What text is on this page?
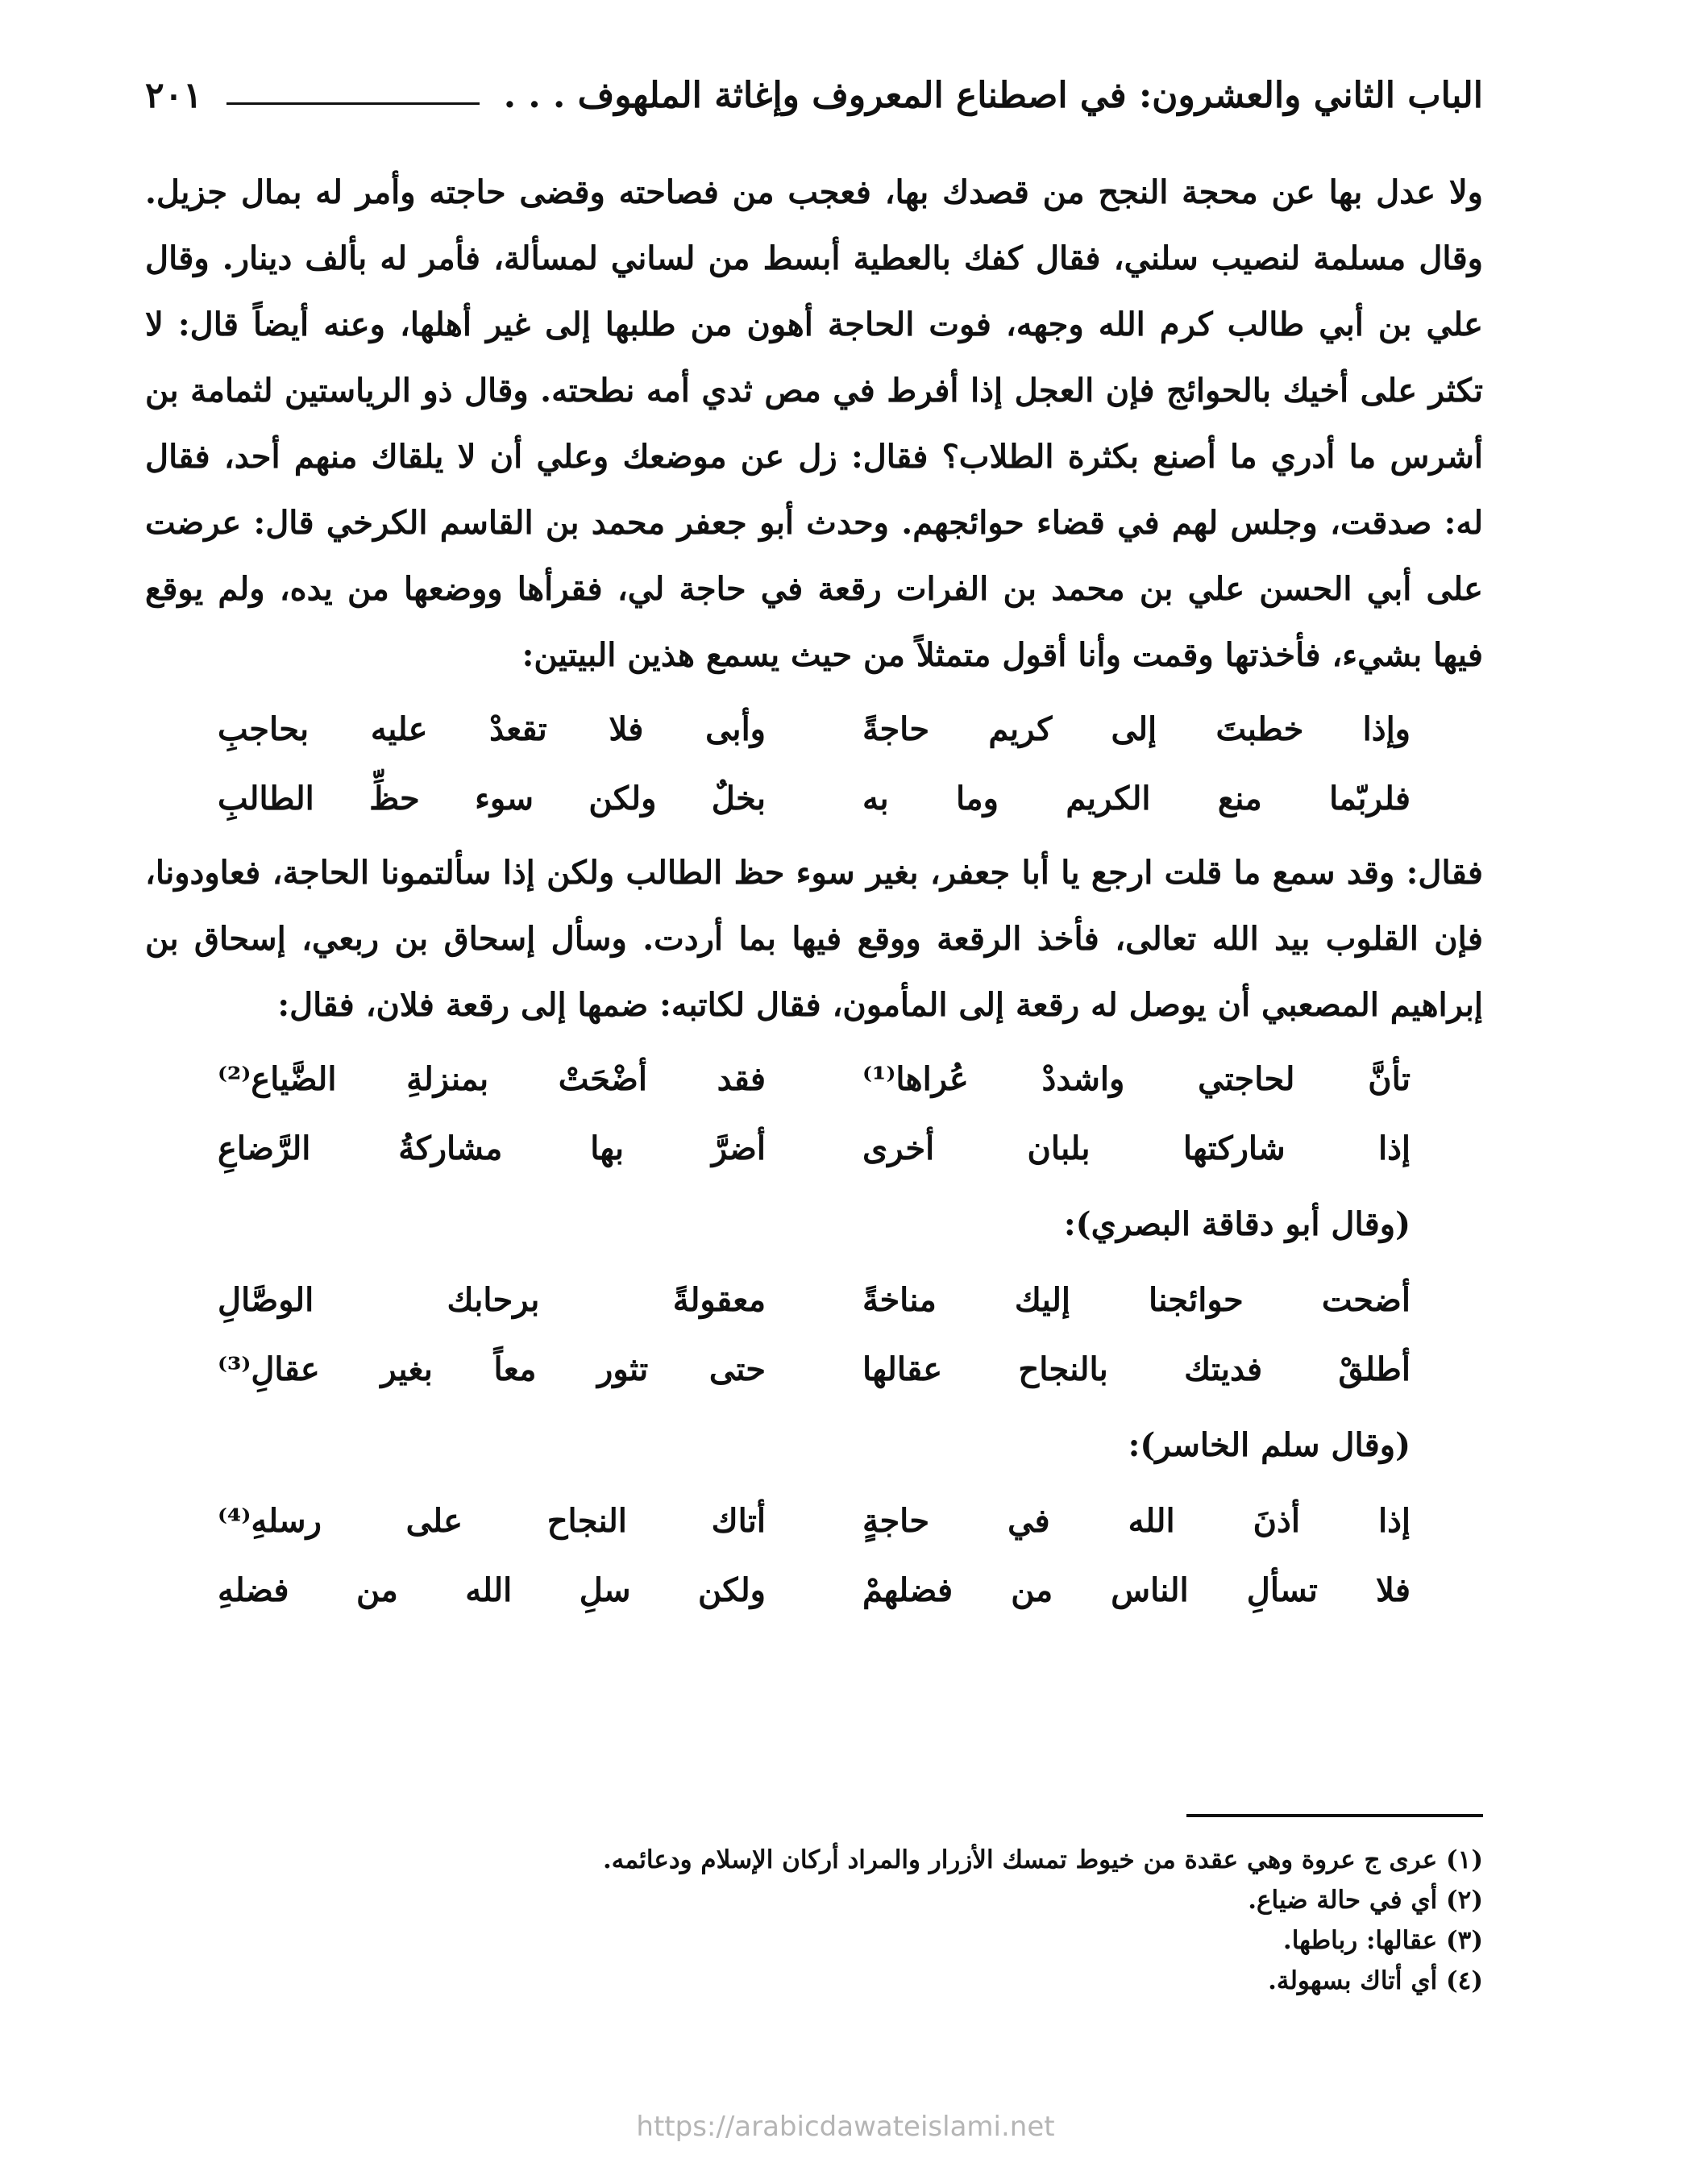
الباب الثاني والعشرون: في اصطناع المعروف وإغاثة الملهوف . . .
٢٠١

ولا عدل بها عن محجة النجح من قصدك بها، فعجب من فصاحته وقضى حاجته وأمر له بمال جزيل. وقال مسلمة لنصيب سلني، فقال كفك بالعطية أبسط من لساني لمسألة، فأمر له بألف دينار. وقال علي بن أبي طالب كرم الله وجهه، فوت الحاجة أهون من طلبها إلى غير أهلها، وعنه أيضاً قال: لا تكثر على أخيك بالحوائج فإن العجل إذا أفرط في مص ثدي أمه نطحته. وقال ذو الرياستين لثمامة بن أشرس ما أدري ما أصنع بكثرة الطلاب؟ فقال: زل عن موضعك وعلي أن لا يلقاك منهم أحد، فقال له: صدقت، وجلس لهم في قضاء حوائجهم. وحدث أبو جعفر محمد بن القاسم الكرخي قال: عرضت على أبي الحسن علي بن محمد بن الفرات رقعة في حاجة لي، فقرأها ووضعها من يده، ولم يوقع فيها بشيء، فأخذتها وقمت وأنا أقول متمثلاً من حيث يسمع هذين البيتين:

وإذا خطبتَ إلى كريم حاجةً
وأبى فلا تقعدْ عليه بحاجبِ
فلربّما منع الكريم وما به
بخلٌ ولكن سوء حظِّ الطالبِ

فقال: وقد سمع ما قلت ارجع يا أبا جعفر، بغير سوء حظ الطالب ولكن إذا سألتمونا الحاجة، فعاودونا، فإن القلوب بيد الله تعالى، فأخذ الرقعة ووقع فيها بما أردت. وسأل إسحاق بن ربعي، إسحاق بن إبراهيم المصعبي أن يوصل له رقعة إلى المأمون، فقال لكاتبه: ضمها إلى رقعة فلان، فقال:

تأنَّ لحاجتي واشددْ عُراها⁽¹⁾
فقد أضْحَتْ بمنزلةِ الضَّياع⁽²⁾
إذا شاركتها بلبان أخرى
أضرَّ بها مشاركةُ الرَّضاعِ
(وقال أبو دقاقة البصري):
أضحت حوائجنا إليك مناخةً
معقولةً برحابك الوصَّالِ
أطلقْ فديتك بالنجاح عقالها
حتى تثور معاً بغير عقالِ⁽³⁾
(وقال سلم الخاسر):
إذا أذنَ الله في حاجةٍ
أتاك النجاح على رسلهِ⁽⁴⁾
فلا تسألِ الناس من فضلهمْ
ولكن سلِ الله من فضلهِ

(١) عرى ج عروة وهي عقدة من خيوط تمسك الأزرار والمراد أركان الإسلام ودعائمه.

(٢) أي في حالة ضياع.

(٣) عقالها: رباطها.

(٤) أي أتاك بسهولة.

https://arabicdawateislami.net
